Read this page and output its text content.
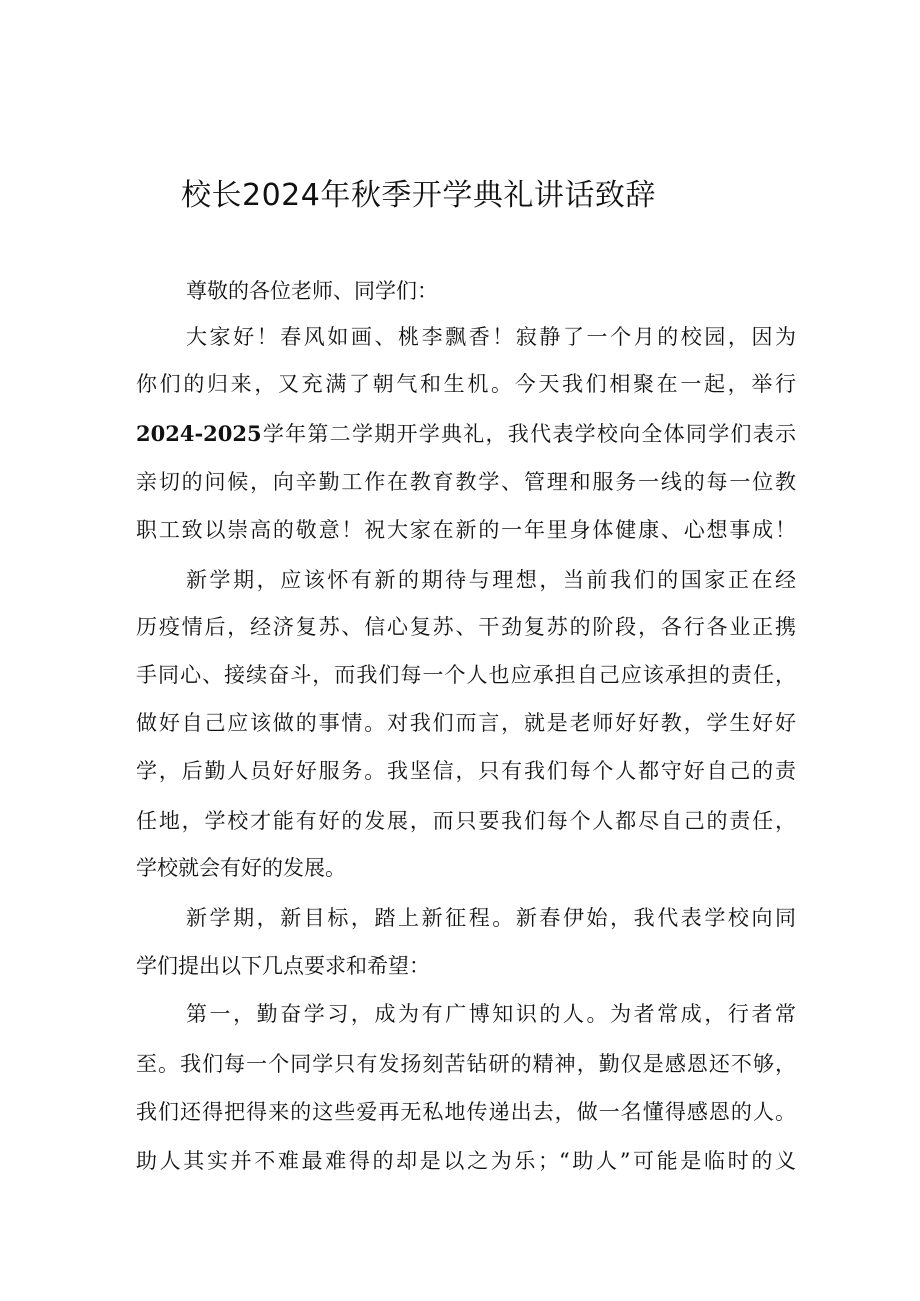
校长2024年秋季开学典礼讲话致辞

尊敬的各位老师、同学们：

大家好！春风如画、桃李飘香！寂静了一个月的校园，因为

你们的归来，又充满了朝气和生机。今天我们相聚在一起，举行

2024-2025学年第二学期开学典礼，我代表学校向全体同学们表示

亲切的问候，向辛勤工作在教育教学、管理和服务一线的每一位教

职工致以崇高的敬意！祝大家在新的一年里身体健康、心想事成！

新学期，应该怀有新的期待与理想，当前我们的国家正在经

历疫情后，经济复苏、信心复苏、干劲复苏的阶段，各行各业正携

手同心、接续奋斗，而我们每一个人也应承担自己应该承担的责任，

做好自己应该做的事情。对我们而言，就是老师好好教，学生好好

学，后勤人员好好服务。我坚信，只有我们每个人都守好自己的责

任地，学校才能有好的发展，而只要我们每个人都尽自己的责任，

学校就会有好的发展。

新学期，新目标，踏上新征程。新春伊始，我代表学校向同

学们提出以下几点要求和希望：

第一，勤奋学习，成为有广博知识的人。为者常成，行者常

至。我们每一个同学只有发扬刻苦钻研的精神，勤仅是感恩还不够，

我们还得把得来的这些爱再无私地传递出去，做一名懂得感恩的人。

助人其实并不难最难得的却是以之为乐；“助人”可能是临时的义
